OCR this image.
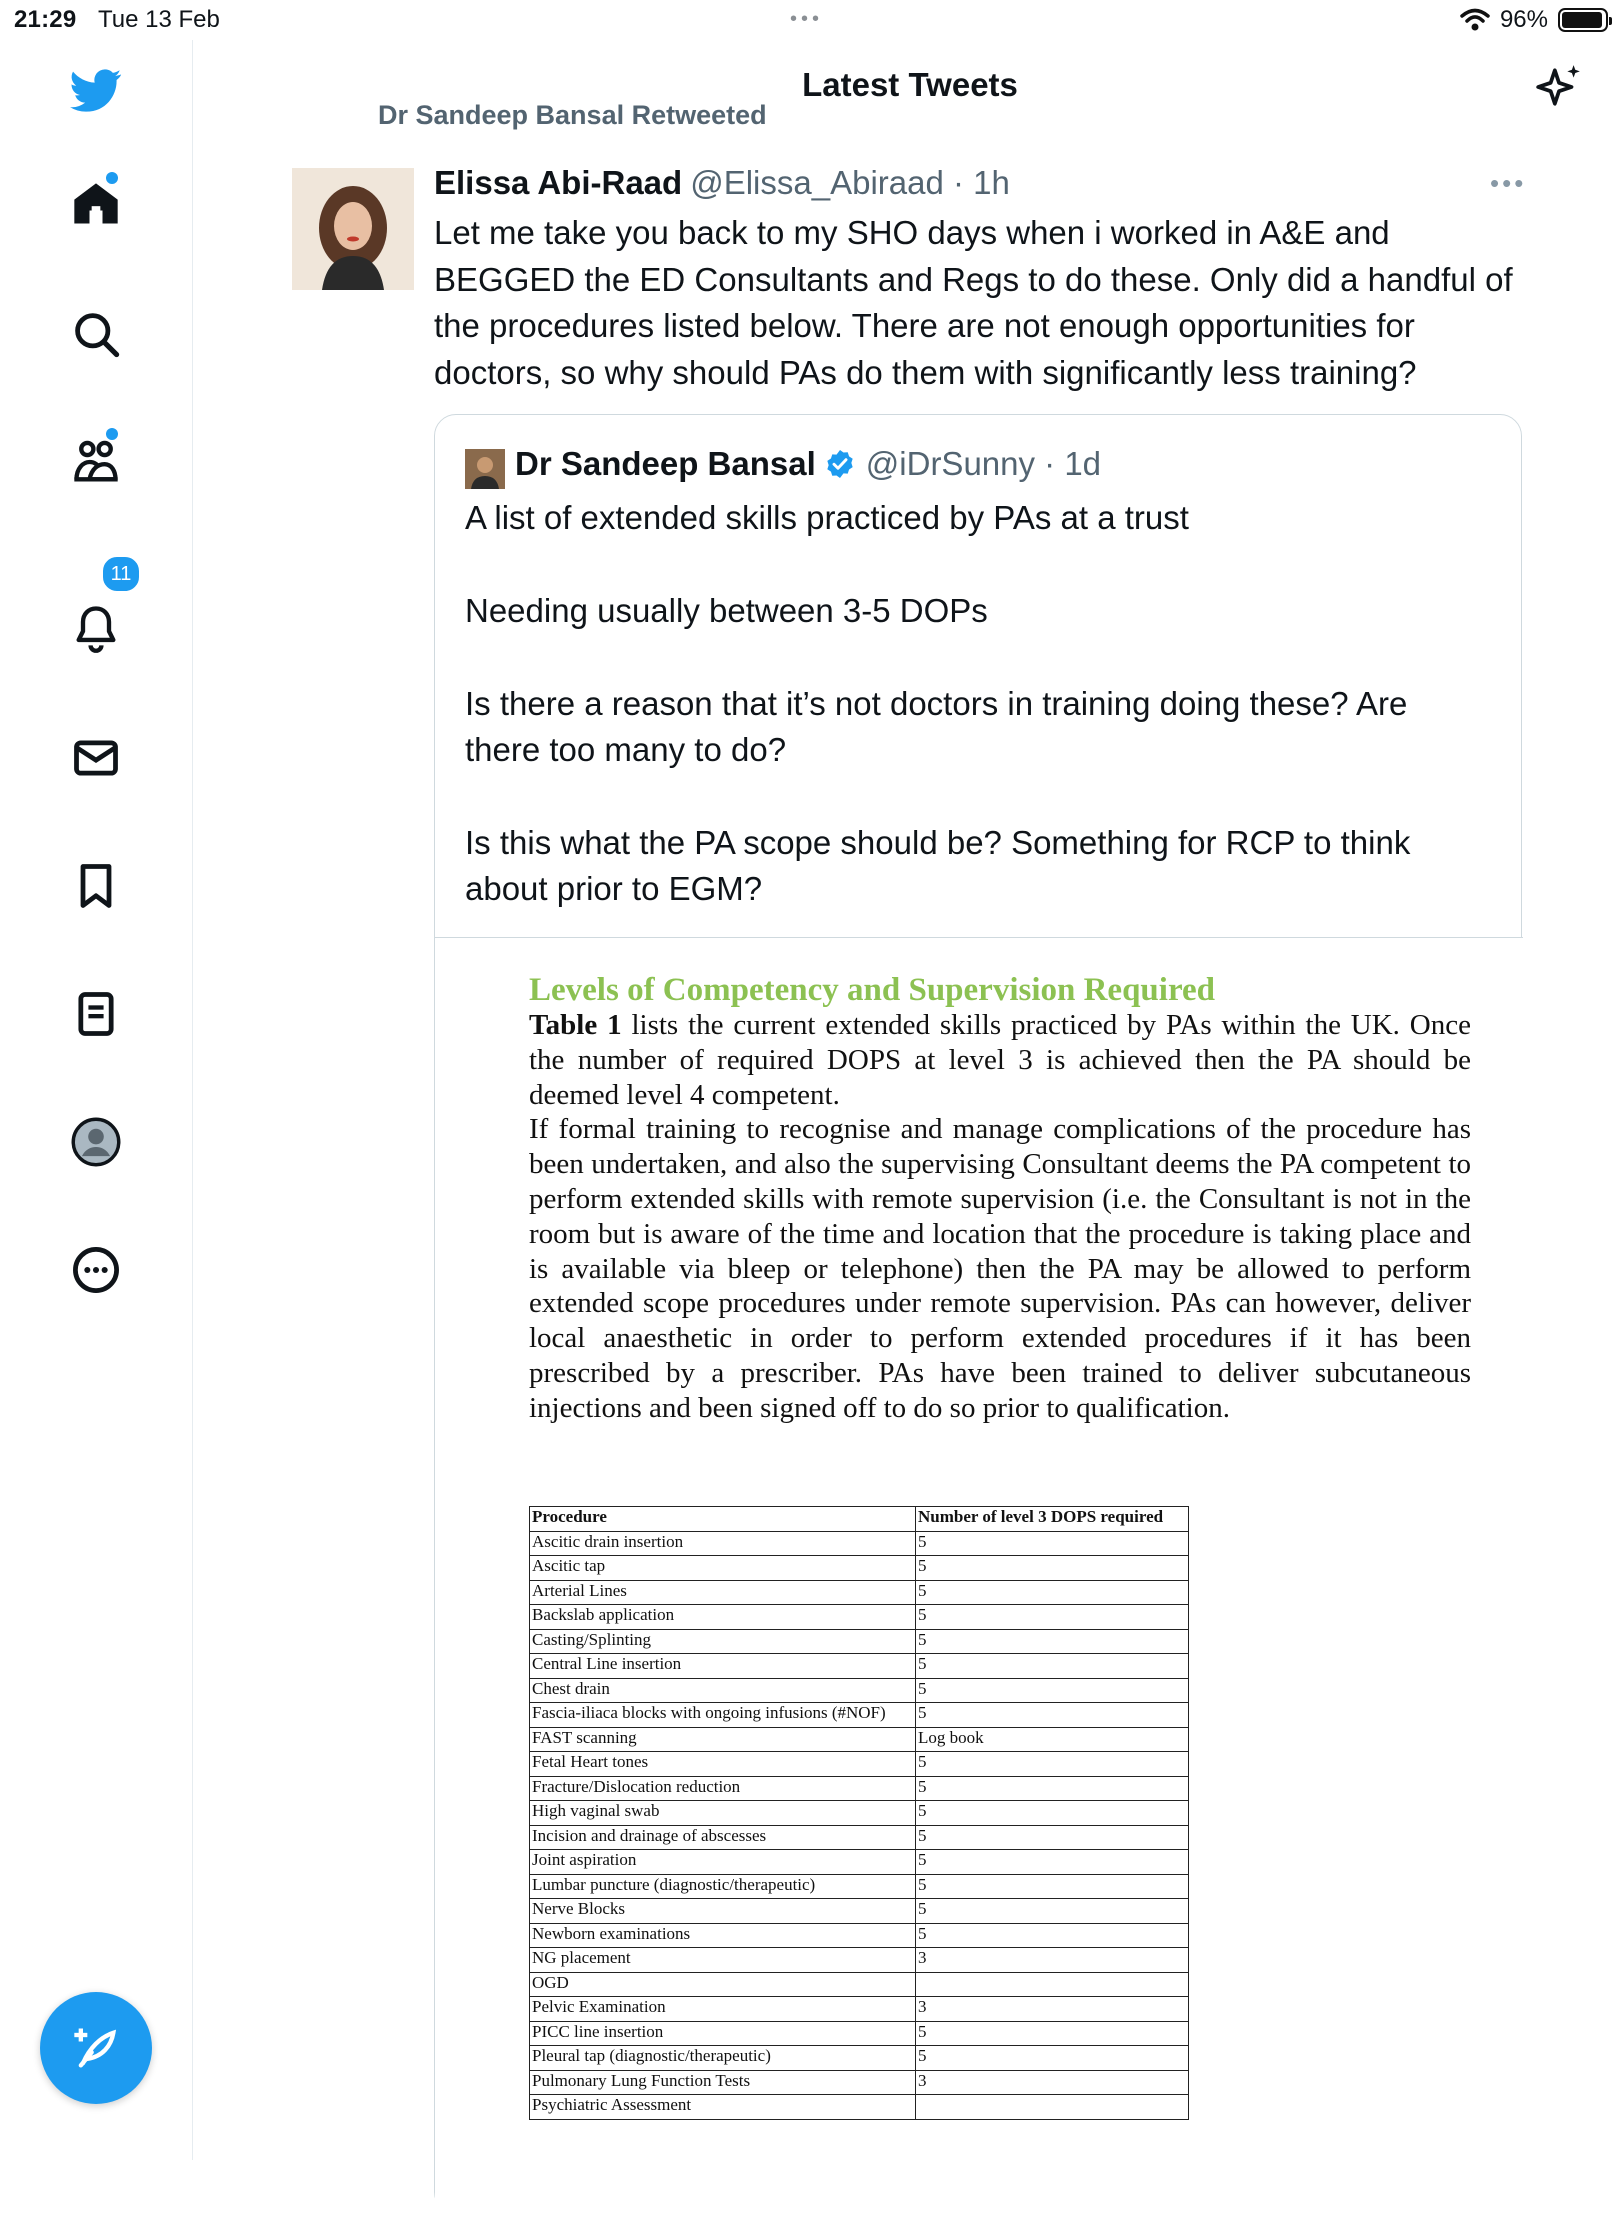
21:29 Tue 13 Feb	•••	96%
11
Latest Tweets
Dr Sandeep Bansal Retweeted
Elissa Abi-Raad @Elissa_Abiraad · 1h	•••
Let me take you back to my SHO days when i worked in A&E and BEGGED the ED Consultants and Regs to do these. Only did a handful of the procedures listed below. There are not enough opportunities for doctors, so why should PAs do them with significantly less training?
Dr Sandeep Bansal @iDrSunny · 1d

A list of extended skills practiced by PAs at a trust

Needing usually between 3-5 DOPs

Is there a reason that it’s not doctors in training doing these? Are there too many to do?

Is this what the PA scope should be? Something for RCP to think about prior to EGM?

Levels of Competency and Supervision Required
Table 1 lists the current extended skills practiced by PAs within the UK. Once the number of required DOPS at level 3 is achieved then the PA should be deemed level 4 competent.
If formal training to recognise and manage complications of the procedure has been undertaken, and also the supervising Consultant deems the PA competent to perform extended skills with remote supervision (i.e. the Consultant is not in the room but is aware of the time and location that the procedure is taking place and is available via bleep or telephone) then the PA may be allowed to perform extended scope procedures under remote supervision. PAs can however, deliver local anaesthetic in order to perform extended procedures if it has been prescribed by a prescriber. PAs have been trained to deliver subcutaneous injections and been signed off to do so prior to qualification.
Procedure	Number of level 3 DOPS required
Ascitic drain insertion	5
Ascitic tap	5
Arterial Lines	5
Backslab application	5
Casting/Splinting	5
Central Line insertion	5
Chest drain	5
Fascia-iliaca blocks with ongoing infusions (#NOF)	5
FAST scanning	Log book
Fetal Heart tones	5
Fracture/Dislocation reduction	5
High vaginal swab	5
Incision and drainage of abscesses	5
Joint aspiration	5
Lumbar puncture (diagnostic/therapeutic)	5
Nerve Blocks	5
Newborn examinations	5
NG placement	3
OGD	
Pelvic Examination	3
PICC line insertion	5
Pleural tap (diagnostic/therapeutic)	5
Pulmonary Lung Function Tests	3
Psychiatric Assessment	
